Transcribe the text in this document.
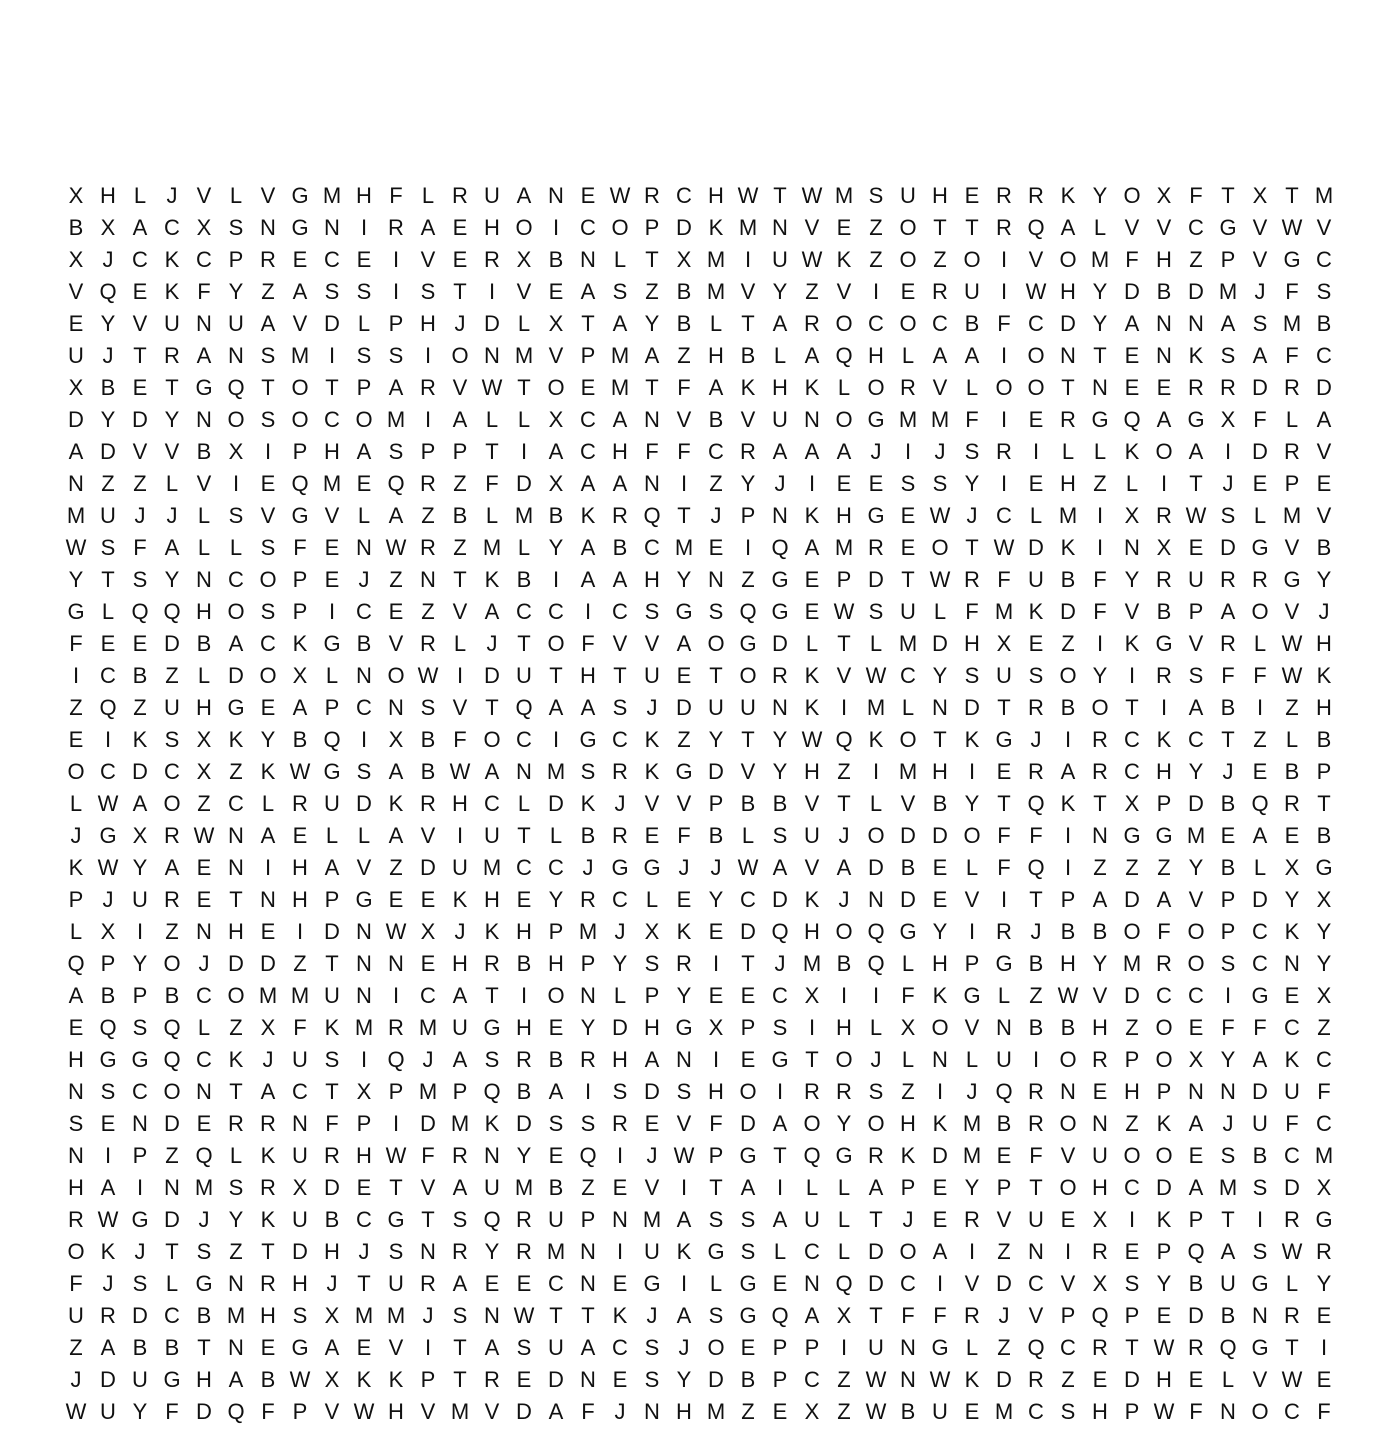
X H L J V L V G M H F L R U A N E W R C H W T W M S U H E R R K Y O X F T X T M
B X A C X S N G N I R A E H O I C O P D K M N V E Z O T T R Q A L V V C G V W V
X J C K C P R E C E I V E R X B N L T X M I U W K Z O Z O I V O M F H Z P V G C
V Q E K F Y Z A S S I S T	I V E A S Z B M V Y Z V I E R U I W H Y D B D M J F S
E Y V U N U A V D L P H J D L X T A Y B L T A R O C O C B F C D Y A N N A S M B
U J T R A N S M I S S I O N M V P M A Z H B L A Q H L A A I O N T E N K S A F C
X B E T G Q T O T P A R V W T O E M T F A K H K L O R V L O O T N E E R R D R D
D Y D Y N O S O C O M I A L L X C A N V B V U N O G M M F	I E R G Q A G X F L A
A D V V B X I P H A S P P T	I A C H F F C R A A A J	I	J S R I	L L K O A I D R V
N Z Z L V I E Q M E Q R Z F D X A A N I	Z Y J	I E E S S Y I E H Z L	I	T J E P E
M U J J L S V G V L A Z B L M B K R Q T J P N K H G E W J C L M I X R W S L M V
W S F A L L S F E N W R Z M L Y A B C M E I Q A M R E O T W D K I N X E D G V B
Y T S Y N C O P E J Z N T K B I A A H Y N Z G E P D T W R F U B F Y R U R R G Y
G L Q Q H O S P I C E Z V A C C I C S G S Q G E W S U L F M K D F V B P A O V J
F E E D B A C K G B V R L J T O F V V A O G D L T L M D H X E Z	I K G V R L W H
I C B Z L D O X L N O W I D U T H T U E T O R K V W C Y S U S O Y I R S F F W K
Z Q Z U H G E A P C N S V T Q A A S J D U U N K I M L N D T R B O T	I A B I	Z H
E I K S X K Y B Q I X B F O C I G C K Z Y T Y W Q K O T K G J	I R C K C T Z L B
O C D C X Z K W G S A B W A N M S R K G D V Y H Z	I M H I E R A R C H Y J E B P
L W A O Z C L R U D K R H C L D K J V V P B B V T L V B Y T Q K T X P D B Q R T
J G X R W N A E L L A V I U T L B R E F B L S U J O D D O F F	I N G G M E A E B
K W Y A E N I H A V Z D U M C C J G G J J W A V A D B E L F Q I	Z Z Z Y B L X G
P J U R E T N H P G E E K H E Y R C L E Y C D K J N D E V I	T P A D A V P D Y X
L X I	Z N H E I D N W X J K H P M J X K E D Q H O Q G Y I R J B B O F O P C K Y
Q P Y O J D D Z T N N E H R B H P Y S R I	T J M B Q L H P G B H Y M R O S C N Y
A B P B C O M M U N I C A T	I O N L P Y E E C X I	I	F K G L Z W V D C C I G E X
E Q S Q L Z X F K M R M U G H E Y D H G X P S I H L X O V N B B H Z O E F F C Z
H G G Q C K J U S I Q J A S R B R H A N I E G T O J L N L U I O R P O X Y A K C
N S C O N T A C T X P M P Q B A I S D S H O I R R S Z	I	J Q R N E H P N N D U F
S E N D E R R N F P I D M K D S S R E V F D A O Y O H K M B R O N Z K A J U F C
N I P Z Q L K U R H W F R N Y E Q I	J W P G T Q G R K D M E F V U O O E S B C M
H A I N M S R X D E T V A U M B Z E V I	T A I	L L A P E Y P T O H C D A M S D X
R W G D J Y K U B C G T S Q R U P N M A S S A U L T J E R V U E X I K P T	I R G
O K J T S Z T D H J S N R Y R M N I U K G S L C L D O A I	Z N I R E P Q A S W R
F J S L G N R H J T U R A E E C N E G I	L G E N Q D C I V D C V X S Y B U G L Y
U R D C B M H S X M M J S N W T T K J A S G Q A X T F F R J V P Q P E D B N R E
Z A B B T N E G A E V I	T A S U A C S J O E P P I U N G L Z Q C R T W R Q G T	I
J D U G H A B W X K K P T R E D N E S Y D B P C Z W N W K D R Z E D H E L V W E
W U Y F D Q F P V W H V M V D A F J N H M Z E X Z W B U E M C S H P W F N O C F
